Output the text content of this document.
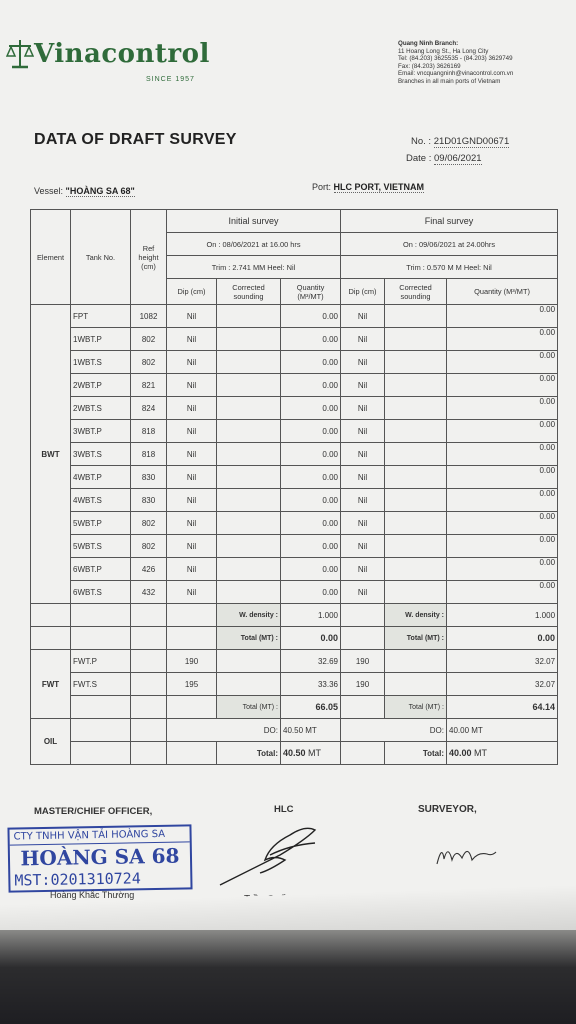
Vinacontrol
SINCE 1957
Quang Ninh Branch:
11 Hoang Long St., Ha Long City
Tel: (84.203) 3625535 - (84.203) 3629749
Fax: (84.203) 3626169
Email: vncquangninh@vinacontrol.com.vn
Branches in all main ports of Vietnam
DATA OF DRAFT SURVEY	No. : 21D01GND00671
Date : 09/06/2021
Vessel: "HOÀNG SA 68"	Port: HLC PORT, VIETNAM
Element	Tank No.	Ref height (cm)	Initial survey			Final survey		
			On : 08/06/2021 at 16.00 hrs			On : 09/06/2021 at 24.00hrs		
			Trim : 2.741 MM Heel: Nil			Trim : 0.570 M M Heel: Nil		
			Dip (cm)	Corrected sounding	Quantity (M³/MT)	Dip (cm)	Corrected sounding	Quantity (M³/MT)
BWT	FPT	1082	Nil		0.00	Nil		0.00
	1WBT.P	802	Nil		0.00	Nil		0.00
	1WBT.S	802	Nil		0.00	Nil		0.00
	2WBT.P	821	Nil		0.00	Nil		0.00
	2WBT.S	824	Nil		0.00	Nil		0.00
	3WBT.P	818	Nil		0.00	Nil		0.00
	3WBT.S	818	Nil		0.00	Nil		0.00
	4WBT.P	830	Nil		0.00	Nil		0.00
	4WBT.S	830	Nil		0.00	Nil		0.00
	5WBT.P	802	Nil		0.00	Nil		0.00
	5WBT.S	802	Nil		0.00	Nil		0.00
	6WBT.P	426	Nil		0.00	Nil		0.00
	6WBT.S	432	Nil		0.00	Nil		0.00
				W. density :	1.000		W. density :	1.000
				Total (MT) :	0.00		Total (MT) :	0.00
FWT	FWT.P		190		32.69	190		32.07
	FWT.S		195		33.36	190		32.07
				Total (MT) :	66.05		Total (MT) :	64.14
OIL			DO:		40.50 MT	DO:		40.00 MT
				Total:	40.50 MT		Total:	40.00 MT
MASTER/CHIEF OFFICER,	HLC	SURVEYOR,
CTY TNHH VẬN TẢI HOÀNG SA
HOÀNG SA 68
MST:0201310724
Hoàng Khắc Thường
